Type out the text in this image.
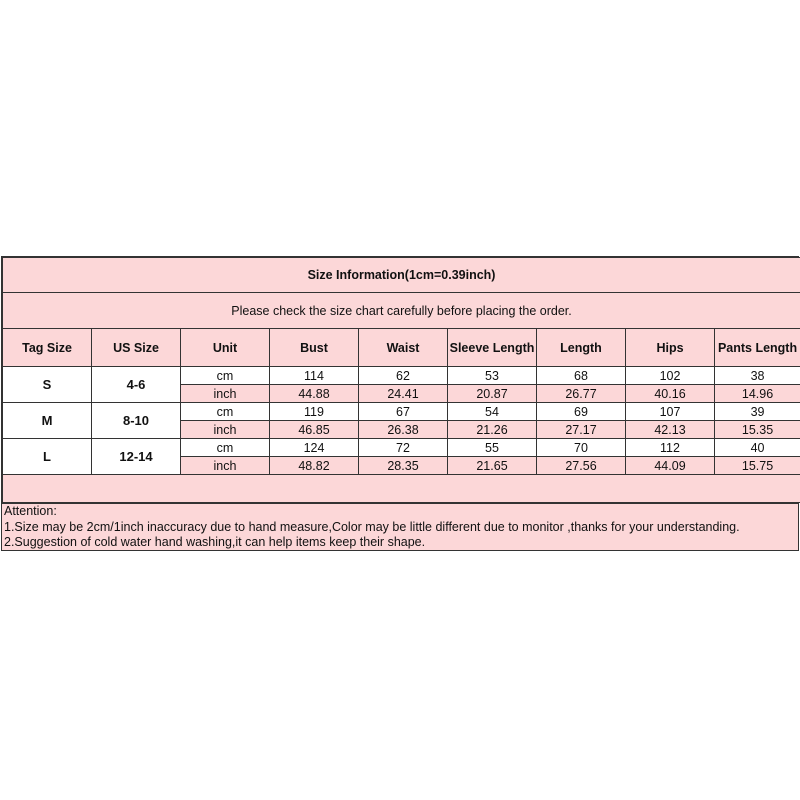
Size Information(1cm=0.39inch)								
Please check the size chart carefully before placing the order.								
Tag Size	US Size	Unit	Bust	Waist	Sleeve Length	Length	Hips	Pants Length
S	4-6	cm	114	62	53	68	102	38
		inch	44.88	24.41	20.87	26.77	40.16	14.96
M	8-10	cm	119	67	54	69	107	39
		inch	46.85	26.38	21.26	27.17	42.13	15.35
L	12-14	cm	124	72	55	70	112	40
		inch	48.82	28.35	21.65	27.56	44.09	15.75

Attention:
1.Size may be 2cm/1inch inaccuracy due to hand measure,Color may be little different due to monitor ,thanks for your understanding.
2.Suggestion of cold water hand washing,it can help items keep their shape.
